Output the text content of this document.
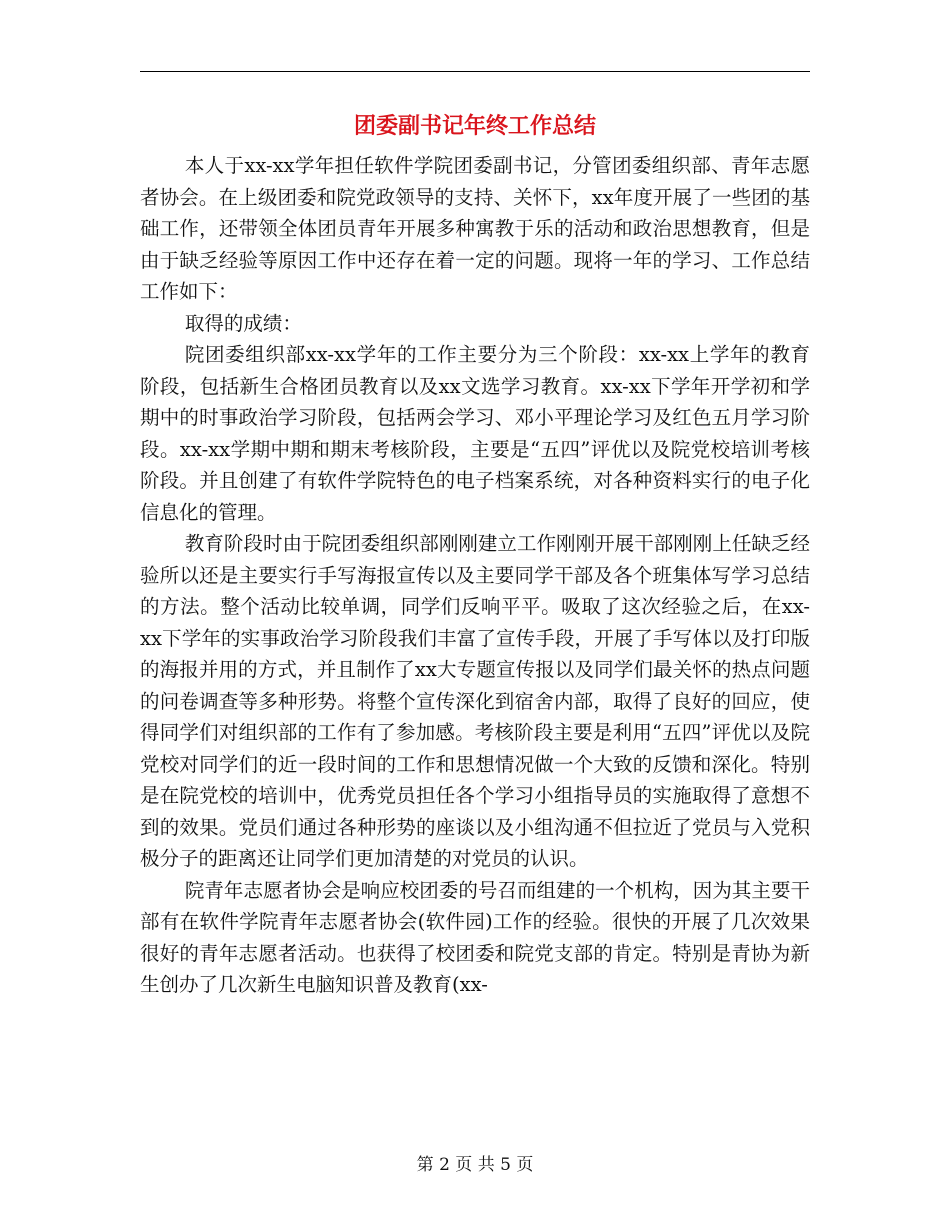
团委副书记年终工作总结

本人于xx-xx学年担任软件学院团委副书记，分管团委组织部、青年志愿者协会。在上级团委和院党政领导的支持、关怀下，xx年度开展了一些团的基础工作，还带领全体团员青年开展多种寓教于乐的活动和政治思想教育，但是由于缺乏经验等原因工作中还存在着一定的问题。现将一年的学习、工作总结工作如下：

取得的成绩：

院团委组织部xx-xx学年的工作主要分为三个阶段：xx-xx上学年的教育阶段，包括新生合格团员教育以及xx文选学习教育。xx-xx下学年开学初和学期中的时事政治学习阶段，包括两会学习、邓小平理论学习及红色五月学习阶段。xx-xx学期中期和期末考核阶段，主要是“五四”评优以及院党校培训考核阶段。并且创建了有软件学院特色的电子档案系统，对各种资料实行的电子化信息化的管理。

教育阶段时由于院团委组织部刚刚建立工作刚刚开展干部刚刚上任缺乏经验所以还是主要实行手写海报宣传以及主要同学干部及各个班集体写学习总结的方法。整个活动比较单调，同学们反响平平。吸取了这次经验之后，在xx-xx下学年的实事政治学习阶段我们丰富了宣传手段，开展了手写体以及打印版的海报并用的方式，并且制作了xx大专题宣传报以及同学们最关怀的热点问题的问卷调查等多种形势。将整个宣传深化到宿舍内部，取得了良好的回应，使得同学们对组织部的工作有了参加感。考核阶段主要是利用“五四”评优以及院党校对同学们的近一段时间的工作和思想情况做一个大致的反馈和深化。特别是在院党校的培训中，优秀党员担任各个学习小组指导员的实施取得了意想不到的效果。党员们通过各种形势的座谈以及小组沟通不但拉近了党员与入党积极分子的距离还让同学们更加清楚的对党员的认识。

院青年志愿者协会是响应校团委的号召而组建的一个机构，因为其主要干部有在软件学院青年志愿者协会(软件园)工作的经验。很快的开展了几次效果很好的青年志愿者活动。也获得了校团委和院党支部的肯定。特别是青协为新生创办了几次新生电脑知识普及教育(xx-

第 2 页 共 5 页
